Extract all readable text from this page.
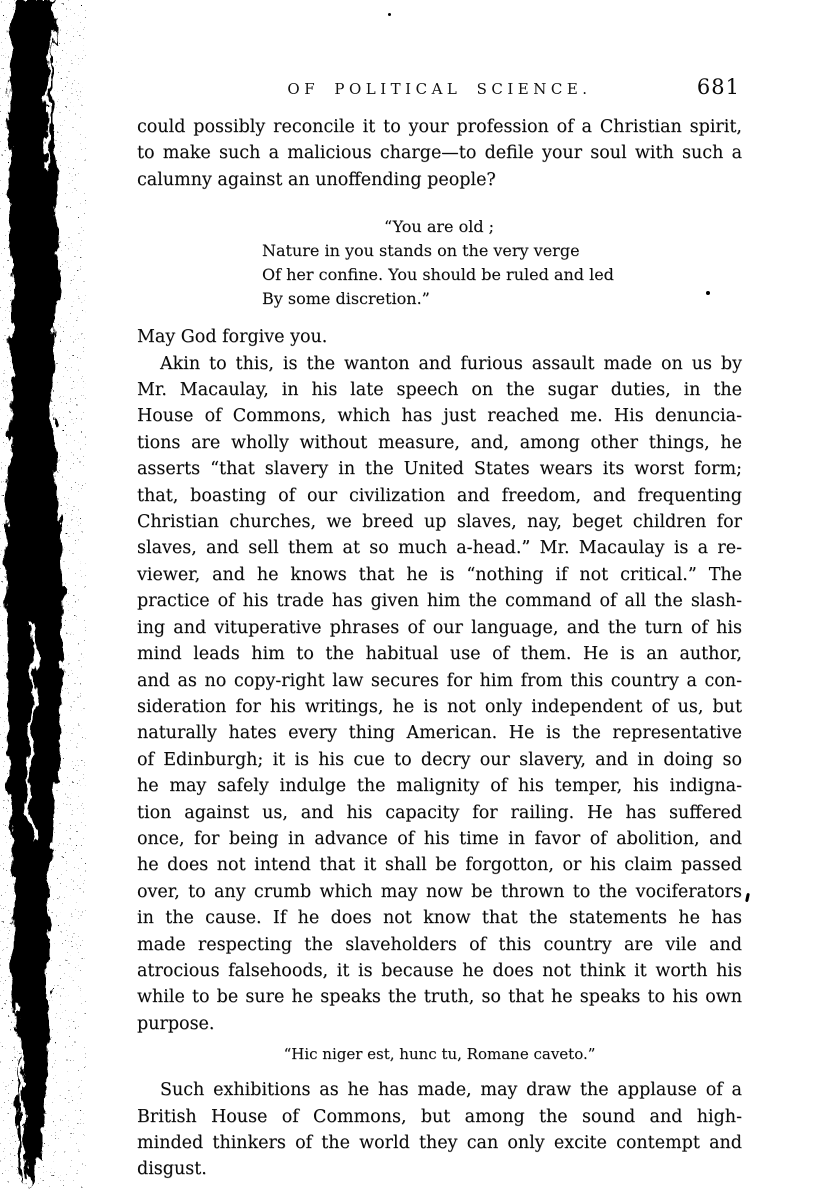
OF POLITICAL SCIENCE.	681
could possibly reconcile it to your profession of a Christian spirit,
to make such a malicious charge—to defile your soul with such a
calumny against an unoffending people?
“You are old ;
Nature in you stands on the very verge
Of her confine. You should be ruled and led
By some discretion.”
May God forgive you.
Akin to this, is the wanton and furious assault made on us by
Mr. Macaulay, in his late speech on the sugar duties, in the
House of Commons, which has just reached me. His denuncia-
tions are wholly without measure, and, among other things, he
asserts “that slavery in the United States wears its worst form;
that, boasting of our civilization and freedom, and frequenting
Christian churches, we breed up slaves, nay, beget children for
slaves, and sell them at so much a-head.” Mr. Macaulay is a re-
viewer, and he knows that he is “nothing if not critical.” The
practice of his trade has given him the command of all the slash-
ing and vituperative phrases of our language, and the turn of his
mind leads him to the habitual use of them. He is an author,
and as no copy-right law secures for him from this country a con-
sideration for his writings, he is not only independent of us, but
naturally hates every thing American. He is the representative
of Edinburgh; it is his cue to decry our slavery, and in doing so
he may safely indulge the malignity of his temper, his indigna-
tion against us, and his capacity for railing. He has suffered
once, for being in advance of his time in favor of abolition, and
he does not intend that it shall be forgotton, or his claim passed
over, to any crumb which may now be thrown to the vociferators
in the cause. If he does not know that the statements he has
made respecting the slaveholders of this country are vile and
atrocious falsehoods, it is because he does not think it worth his
while to be sure he speaks the truth, so that he speaks to his own
purpose.
“Hic niger est, hunc tu, Romane caveto.”
Such exhibitions as he has made, may draw the applause of a
British House of Commons, but among the sound and high-
minded thinkers of the world they can only excite contempt and
disgust.
